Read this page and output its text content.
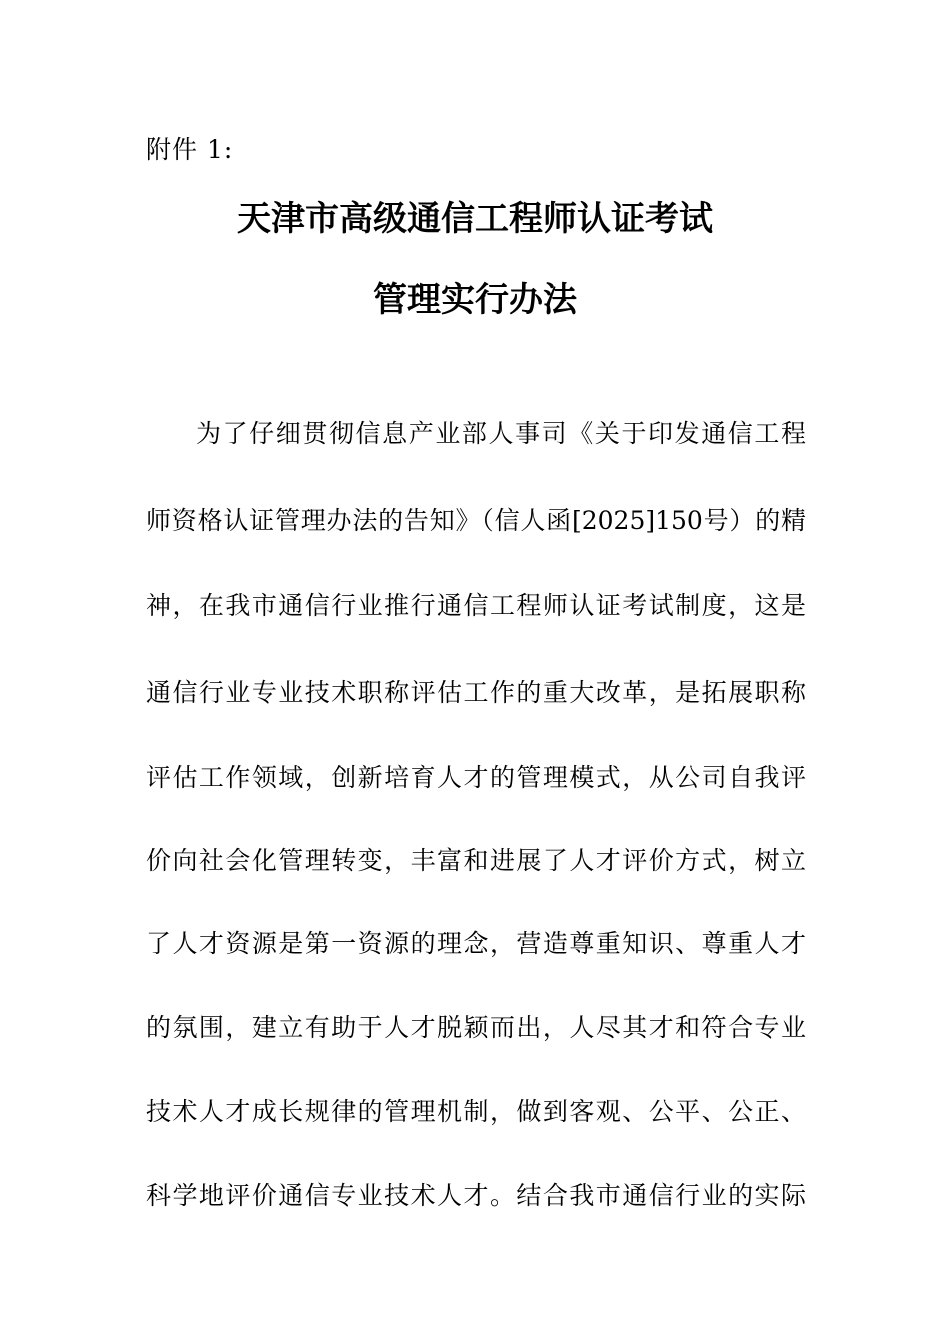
附件 1:
天津市高级通信工程师认证考试
管理实行办法
为了仔细贯彻信息产业部人事司《关于印发通信工程
师资格认证管理办法的告知》（信人函[2025]150号）的精
神，在我市通信行业推行通信工程师认证考试制度，这是
通信行业专业技术职称评估工作的重大改革，是拓展职称
评估工作领域，创新培育人才的管理模式，从公司自我评
价向社会化管理转变，丰富和进展了人才评价方式，树立
了人才资源是第一资源的理念，营造尊重知识、尊重人才
的氛围，建立有助于人才脱颖而出，人尽其才和符合专业
技术人才成长规律的管理机制，做到客观、公平、公正、
科学地评价通信专业技术人才。结合我市通信行业的实际
